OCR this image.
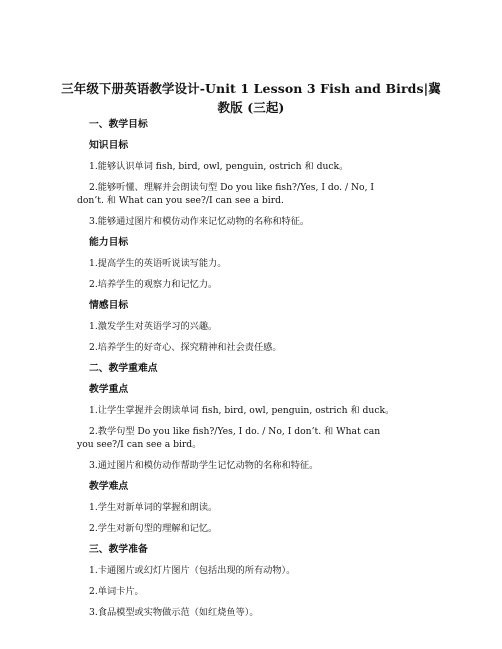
三年级下册英语教学设计-Unit 1 Lesson 3 Fish and Birds|冀
教版 (三起)
一、教学目标
知识目标
1.能够认识单词 fish, bird, owl, penguin, ostrich 和 duck。
2.能够听懂、理解并会朗读句型 Do you like fish?/Yes, I do. / No, I
don’t. 和 What can you see?/I can see a bird.
3.能够通过图片和模仿动作来记忆动物的名称和特征。
能力目标
1.提高学生的英语听说读写能力。
2.培养学生的观察力和记忆力。
情感目标
1.激发学生对英语学习的兴趣。
2.培养学生的好奇心、探究精神和社会责任感。
二、教学重难点
教学重点
1.让学生掌握并会朗读单词 fish, bird, owl, penguin, ostrich 和 duck。
2.教学句型 Do you like fish?/Yes, I do. / No, I don’t. 和 What can
you see?/I can see a bird。
3.通过图片和模仿动作帮助学生记忆动物的名称和特征。
教学难点
1.学生对新单词的掌握和朗读。
2.学生对新句型的理解和记忆。
三、教学准备
1.卡通图片或幻灯片图片（包括出现的所有动物）。
2.单词卡片。
3.食品模型或实物做示范（如红烧鱼等）。
